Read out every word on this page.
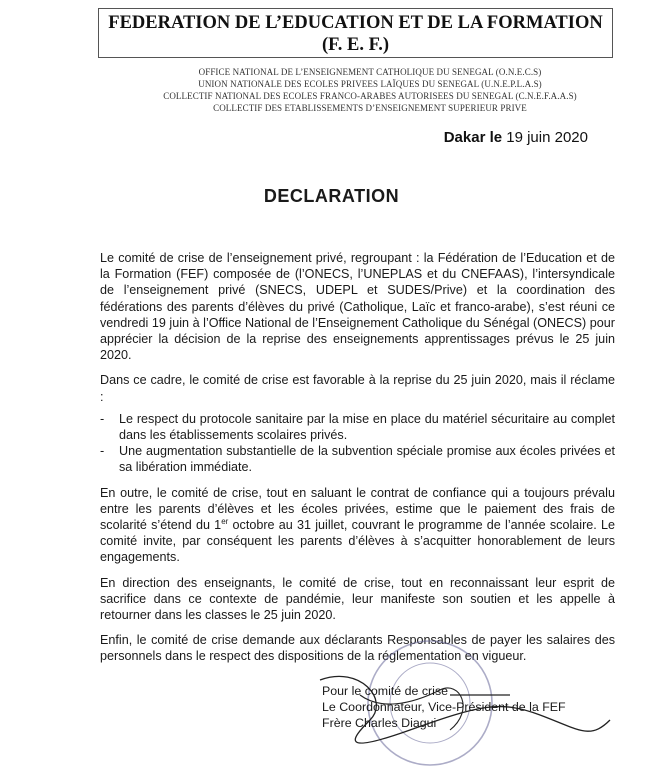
FEDERATION DE L’EDUCATION ET DE LA FORMATION
(F. E. F.)
OFFICE NATIONAL DE L’ENSEIGNEMENT CATHOLIQUE DU SENEGAL (O.N.E.C.S)
UNION NATIONALE DES ECOLES PRIVEES LAÏQUES DU SENEGAL (U.N.E.P.L.A.S)
COLLECTIF NATIONAL DES ECOLES FRANCO-ARABES AUTORISEES DU SENEGAL (C.N.E.F.A.A.S)
COLLECTIF DES ETABLISSEMENTS D’ENSEIGNEMENT SUPERIEUR PRIVE
Dakar le 19 juin 2020
DECLARATION

Le comité de crise de l’enseignement privé, regroupant : la Fédération de l’Education et de la Formation (FEF) composée de (l’ONECS, l’UNEPLAS et du CNEFAAS), l’intersyndicale de l’enseignement privé (SNECS, UDEPL et SUDES/Prive) et la coordination des fédérations des parents d’élèves du privé (Catholique, Laïc et franco-arabe), s’est réuni ce vendredi 19 juin à l’Office National de l’Enseignement Catholique du Sénégal (ONECS) pour apprécier la décision de la reprise des enseignements apprentissages prévus le 25 juin 2020.

Dans ce cadre, le comité de crise est favorable à la reprise du 25 juin 2020, mais il réclame :

- Le respect du protocole sanitaire par la mise en place du matériel sécuritaire au complet dans les établissements scolaires privés.
- Une augmentation substantielle de la subvention spéciale promise aux écoles privées et sa libération immédiate.

En outre, le comité de crise, tout en saluant le contrat de confiance qui a toujours prévalu entre les parents d’élèves et les écoles privées, estime que le paiement des frais de scolarité s’étend du 1er octobre au 31 juillet, couvrant le programme de l’année scolaire. Le comité invite, par conséquent les parents d’élèves à s’acquitter honorablement de leurs engagements.

En direction des enseignants, le comité de crise, tout en reconnaissant leur esprit de sacrifice dans ce contexte de pandémie, leur manifeste son soutien et les appelle à retourner dans les classes le 25 juin 2020.

Enfin, le comité de crise demande aux déclarants Responsables de payer les salaires des personnels dans le respect des dispositions de la réglementation en vigueur.

Pour le comité de crise
Le Coordonnateur, Vice-Président de la FEF
Frère Charles Diagui
